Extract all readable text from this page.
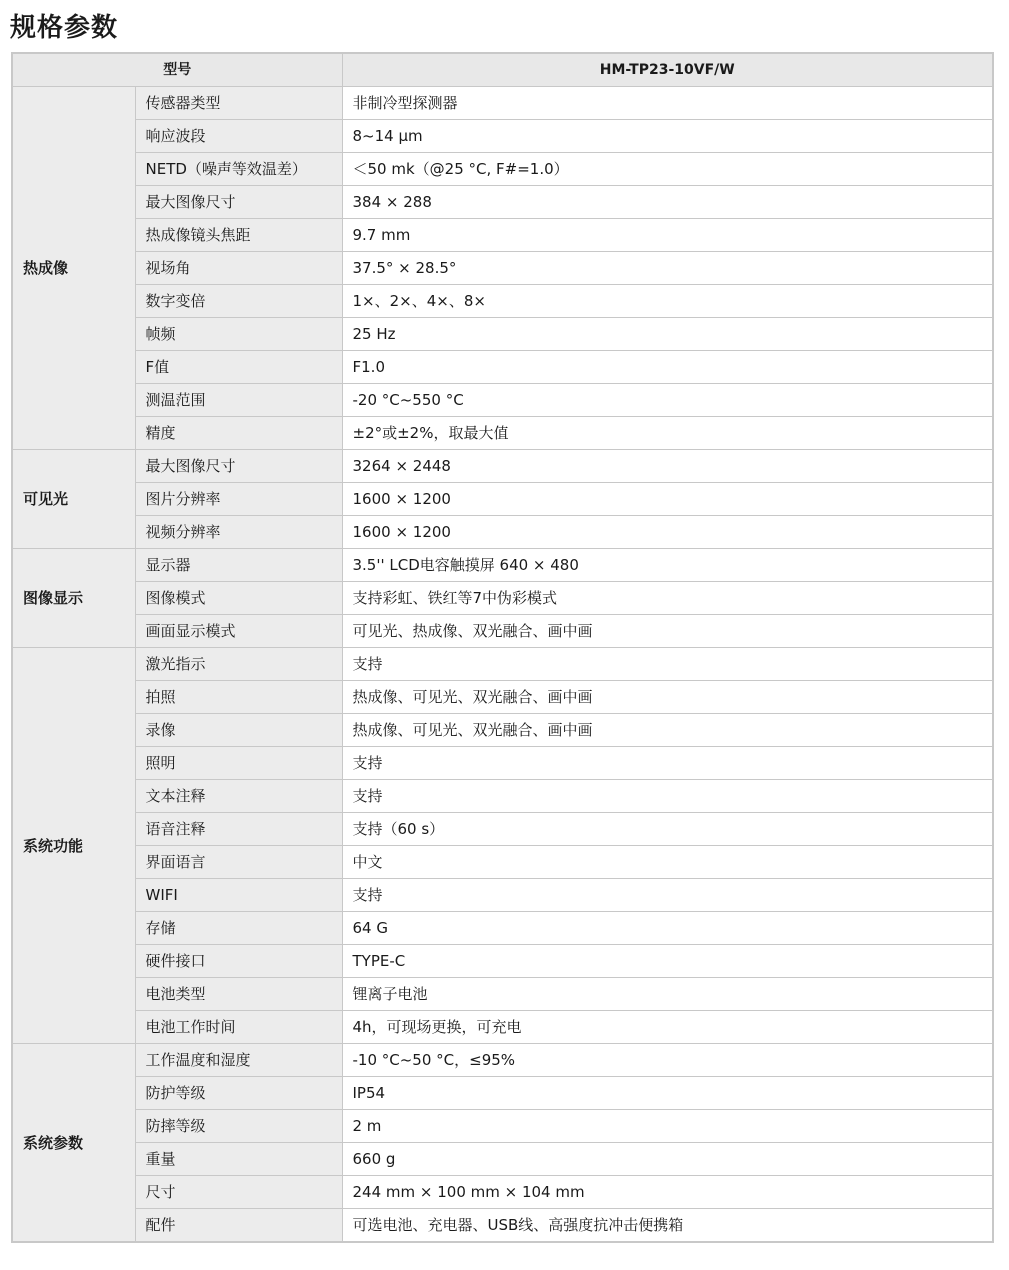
规格参数
型号		HM-TP23-10VF/W
热成像	传感器类型	非制冷型探测器
	响应波段	8~14 μm
	NETD（噪声等效温差）	＜50 mk（@25 °C, F#=1.0）
	最大图像尺寸	384 × 288
	热成像镜头焦距	9.7 mm
	视场角	37.5° × 28.5°
	数字变倍	1×、2×、4×、8×
	帧频	25 Hz
	F值	F1.0
	测温范围	-20 °C~550 °C
	精度	±2°或±2%，取最大值
可见光	最大图像尺寸	3264 × 2448
	图片分辨率	1600 × 1200
	视频分辨率	1600 × 1200
图像显示	显示器	3.5'' LCD电容触摸屏 640 × 480
	图像模式	支持彩虹、铁红等7中伪彩模式
	画面显示模式	可见光、热成像、双光融合、画中画
系统功能	激光指示	支持
	拍照	热成像、可见光、双光融合、画中画
	录像	热成像、可见光、双光融合、画中画
	照明	支持
	文本注释	支持
	语音注释	支持（60 s）
	界面语言	中文
	WIFI	支持
	存储	64 G
	硬件接口	TYPE-C
	电池类型	锂离子电池
	电池工作时间	4h，可现场更换，可充电
系统参数	工作温度和湿度	-10 °C~50 °C，≤95%
	防护等级	IP54
	防摔等级	2 m
	重量	660 g
	尺寸	244 mm × 100 mm × 104 mm
	配件	可选电池、充电器、USB线、高强度抗冲击便携箱
